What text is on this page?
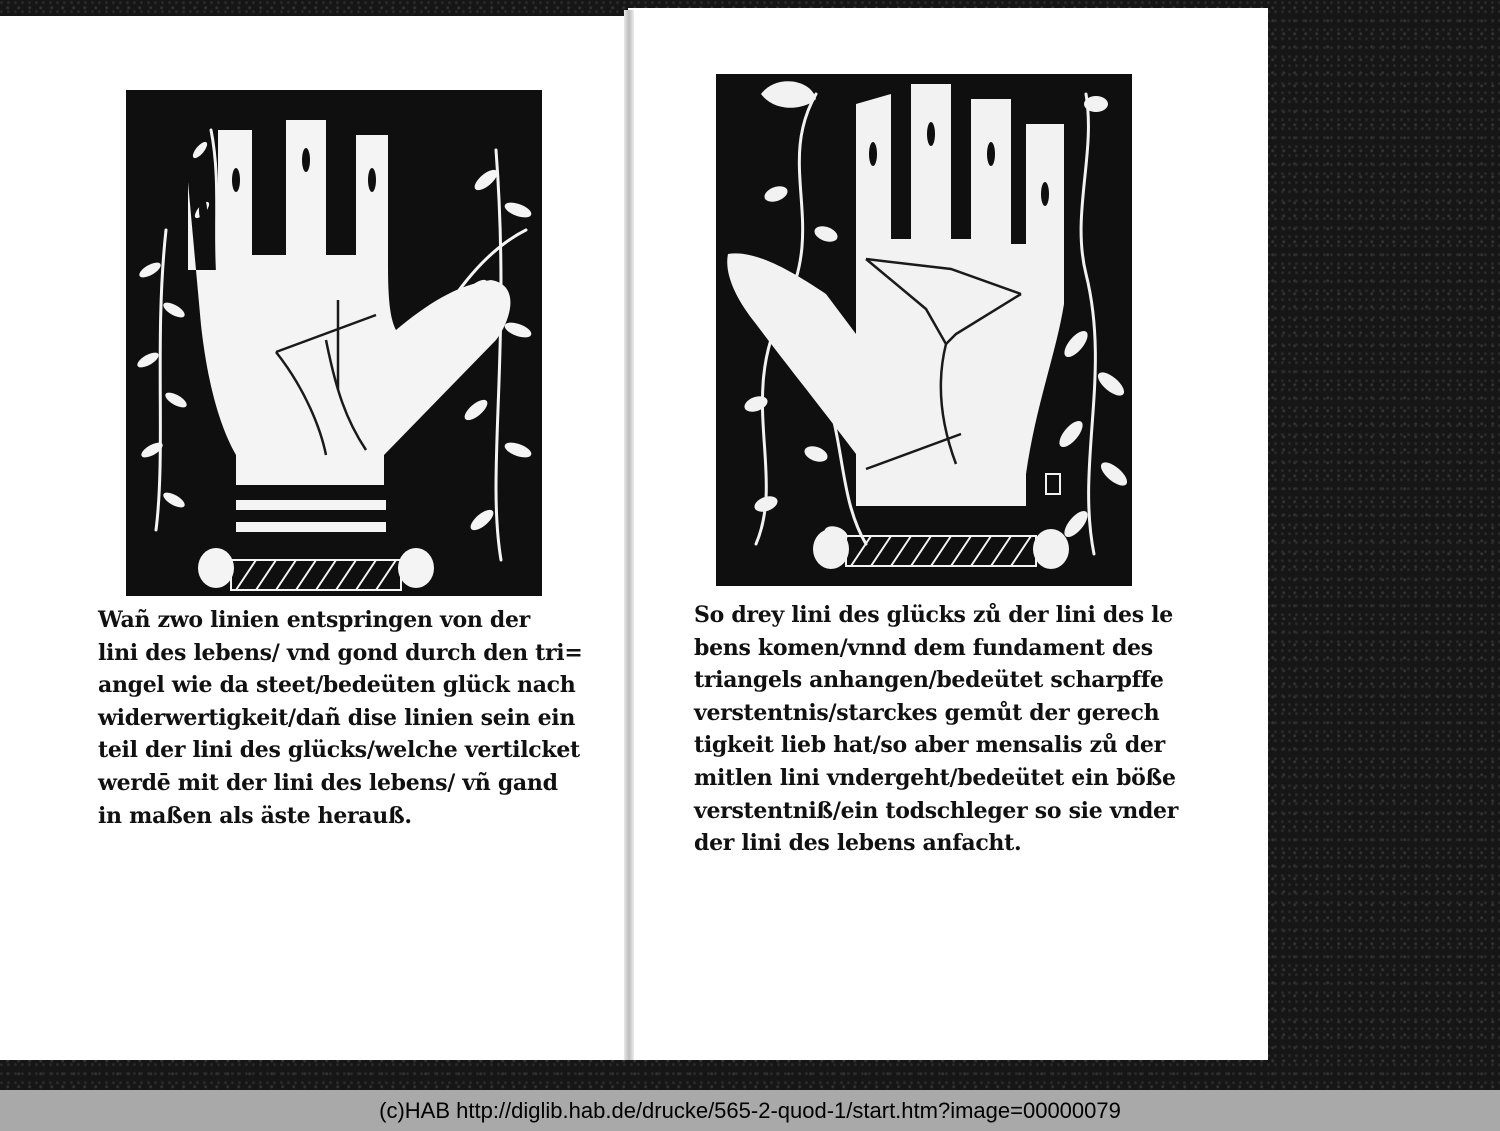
Wañ zwo linien entspringen von der
lini des lebens/ vnd gond durch den tri=
angel wie da steet/bedeüten glück nach
widerwertigkeit/dañ dise linien sein ein
teil der lini des glücks/welche vertilcket
werdē mit der lini des lebens/ vñ gand
in maßen als äste herauß.

So drey lini des glücks zů der lini des le
bens komen/vnnd dem fundament des
triangels anhangen/bedeütet scharpffe
verstentnis/starckes gemůt der gerech
tigkeit lieb hat/so aber mensalis zů der
mitlen lini vndergeht/bedeütet ein böße
verstentniß/ein todschleger so sie vnder
der lini des lebens anfacht.

(c)HAB http://diglib.hab.de/drucke/565-2-quod-1/start.htm?image=00000079
